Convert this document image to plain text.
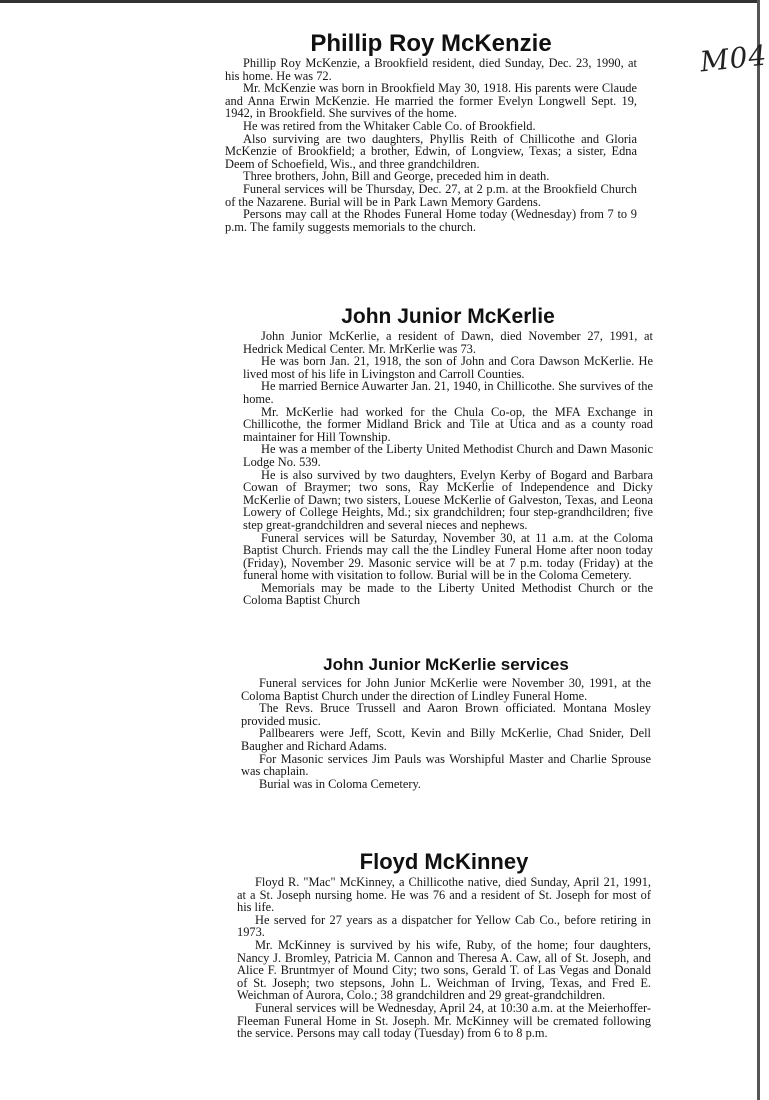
M04
Phillip Roy McKenzie

Phillip Roy McKenzie, a Brookfield resident, died Sunday, Dec. 23, 1990, at his home. He was 72.

Mr. McKenzie was born in Brookfield May 30, 1918. His parents were Claude and Anna Erwin McKenzie. He married the former Evelyn Longwell Sept. 19, 1942, in Brookfield. She survives of the home.

He was retired from the Whitaker Cable Co. of Brookfield.

Also surviving are two daughters, Phyllis Reith of Chillicothe and Gloria McKenzie of Brookfield; a brother, Edwin, of Longview, Texas; a sister, Edna Deem of Schoefield, Wis., and three grandchildren.

Three brothers, John, Bill and George, preceded him in death.

Funeral services will be Thursday, Dec. 27, at 2 p.m. at the Brookfield Church of the Nazarene. Burial will be in Park Lawn Memory Gardens.

Persons may call at the Rhodes Funeral Home today (Wednesday) from 7 to 9 p.m. The family suggests memorials to the church.

John Junior McKerlie

John Junior McKerlie, a resident of Dawn, died November 27, 1991, at Hedrick Medical Center. Mr. MrKerlie was 73.

He was born Jan. 21, 1918, the son of John and Cora Dawson McKerlie. He lived most of his life in Livingston and Carroll Counties.

He married Bernice Auwarter Jan. 21, 1940, in Chillicothe. She survives of the home.

Mr. McKerlie had worked for the Chula Co-op, the MFA Exchange in Chillicothe, the former Midland Brick and Tile at Utica and as a county road maintainer for Hill Township.

He was a member of the Liberty United Methodist Church and Dawn Masonic Lodge No. 539.

He is also survived by two daughters, Evelyn Kerby of Bogard and Barbara Cowan of Braymer; two sons, Ray McKerlie of Independence and Dicky McKerlie of Dawn; two sisters, Louese McKerlie of Galveston, Texas, and Leona Lowery of College Heights, Md.; six grandchildren; four step-grandhcildren; five step great-grandchildren and several nieces and nephews.

Funeral services will be Saturday, November 30, at 11 a.m. at the Coloma Baptist Church. Friends may call the the Lindley Funeral Home after noon today (Friday), November 29. Masonic service will be at 7 p.m. today (Friday) at the funeral home with visitation to follow. Burial will be in the Coloma Cemetery.

Memorials may be made to the Liberty United Methodist Church or the Coloma Baptist Church

John Junior McKerlie services

Funeral services for John Junior McKerlie were November 30, 1991, at the Coloma Baptist Church under the direction of Lindley Funeral Home.

The Revs. Bruce Trussell and Aaron Brown officiated. Montana Mosley provided music.

Pallbearers were Jeff, Scott, Kevin and Billy McKerlie, Chad Snider, Dell Baugher and Richard Adams.

For Masonic services Jim Pauls was Worshipful Master and Charlie Sprouse was chaplain.

Burial was in Coloma Cemetery.

Floyd McKinney

Floyd R. "Mac" McKinney, a Chillicothe native, died Sunday, April 21, 1991, at a St. Joseph nursing home. He was 76 and a resident of St. Joseph for most of his life.

He served for 27 years as a dispatcher for Yellow Cab Co., before retiring in 1973.

Mr. McKinney is survived by his wife, Ruby, of the home; four daughters, Nancy J. Bromley, Patricia M. Cannon and Theresa A. Caw, all of St. Joseph, and Alice F. Bruntmyer of Mound City; two sons, Gerald T. of Las Vegas and Donald of St. Joseph; two stepsons, John L. Weichman of Irving, Texas, and Fred E. Weichman of Aurora, Colo.; 38 grandchildren and 29 great-grandchildren.

Funeral services will be Wednesday, April 24, at 10:30 a.m. at the Meierhoffer-Fleeman Funeral Home in St. Joseph. Mr. McKinney will be cremated following the service. Persons may call today (Tuesday) from 6 to 8 p.m.
